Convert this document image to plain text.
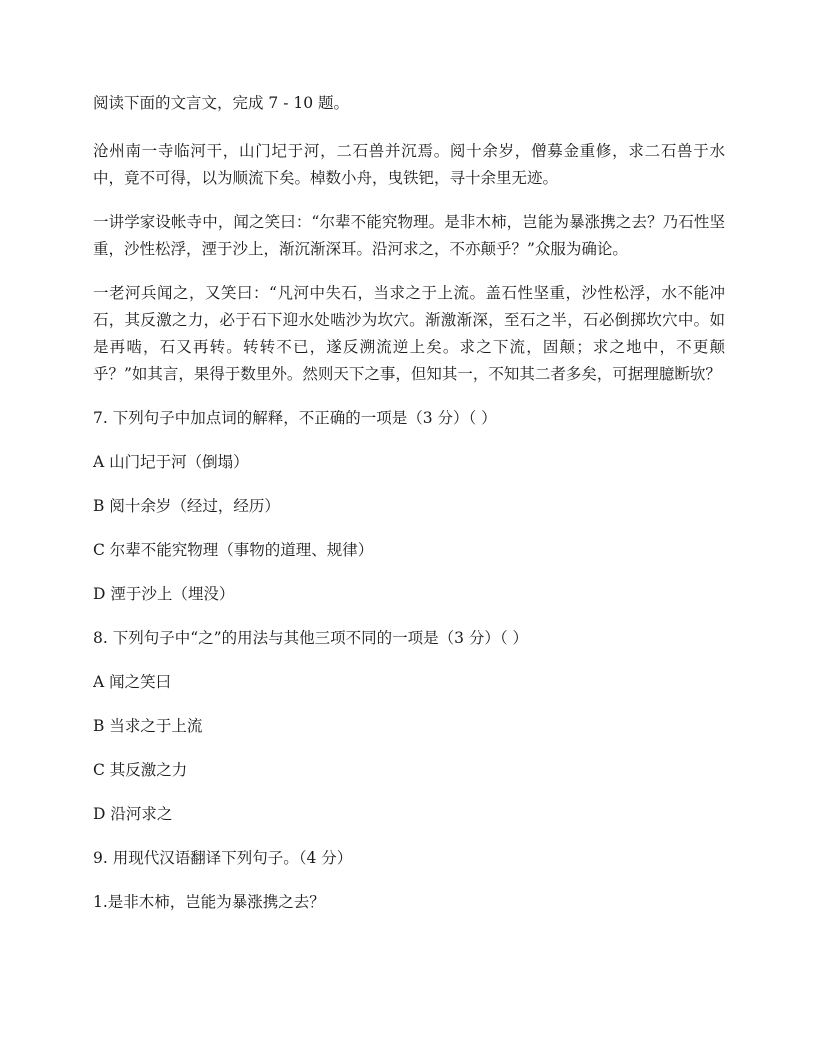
阅读下面的文言文，完成 7 - 10 题。

沧州南一寺临河干，山门圮于河，二石兽并沉焉。阅十余岁，僧募金重修，求二石兽于水中，竟不可得，以为顺流下矣。棹数小舟，曳铁钯，寻十余里无迹。

一讲学家设帐寺中，闻之笑曰：“尔辈不能究物理。是非木柿，岂能为暴涨携之去？乃石性坚重，沙性松浮，湮于沙上，渐沉渐深耳。沿河求之，不亦颠乎？”众服为确论。

一老河兵闻之，又笑曰：“凡河中失石，当求之于上流。盖石性坚重，沙性松浮，水不能冲石，其反激之力，必于石下迎水处啮沙为坎穴。渐激渐深，至石之半，石必倒掷坎穴中。如是再啮，石又再转。转转不已，遂反溯流逆上矣。求之下流，固颠；求之地中，不更颠乎？”如其言，果得于数里外。然则天下之事，但知其一，不知其二者多矣，可据理臆断欤？

7. 下列句子中加点词的解释，不正确的一项是（3 分）（ ）

A 山门圮于河（倒塌）

B 阅十余岁（经过，经历）

C 尔辈不能究物理（事物的道理、规律）

D 湮于沙上（埋没）

8. 下列句子中“之”的用法与其他三项不同的一项是（3 分）（ ）

A 闻之笑曰

B 当求之于上流

C 其反激之力

D 沿河求之

9. 用现代汉语翻译下列句子。（4 分）

1.是非木柿，岂能为暴涨携之去？
